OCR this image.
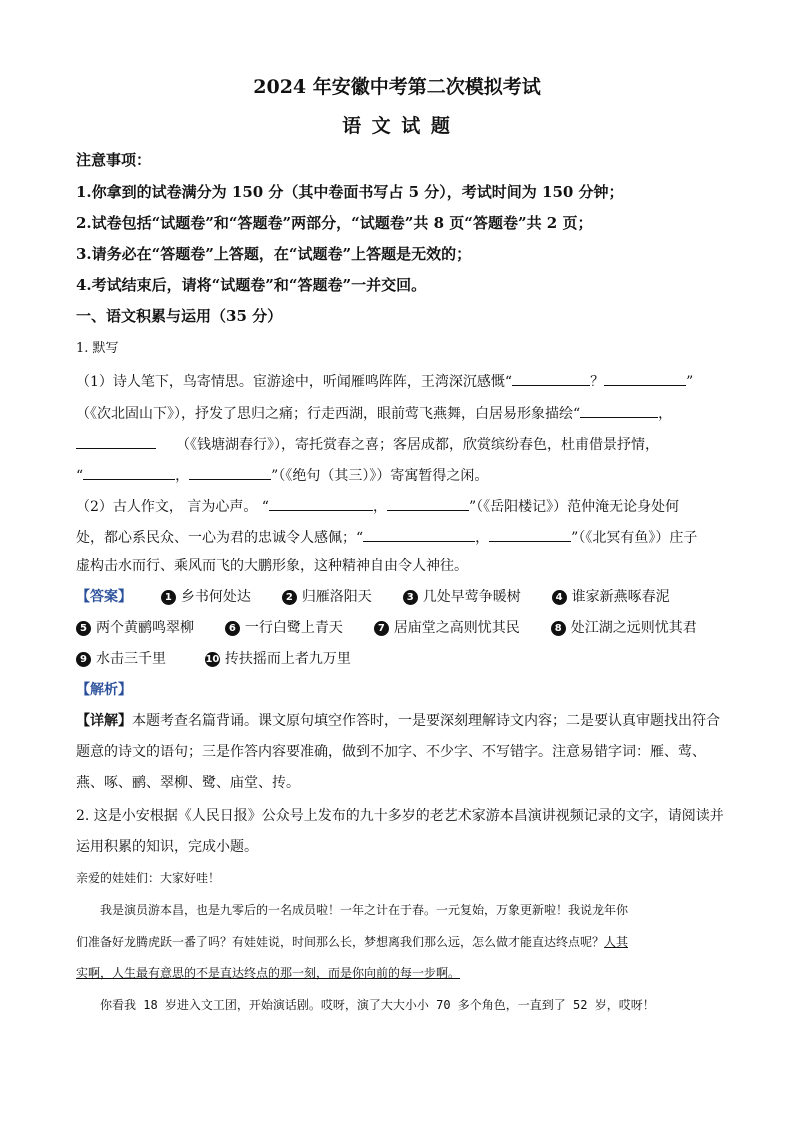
2024 年安徽中考第二次模拟考试
语 文 试 题
注意事项：
1.你拿到的试卷满分为 150 分（其中卷面书写占 5 分），考试时间为 150 分钟；
2.试卷包括“试题卷”和“答题卷”两部分，“试题卷”共 8 页“答题卷”共 2 页；
3.请务必在“答题卷”上答题，在“试题卷”上答题是无效的；
4.考试结束后，请将“试题卷”和“答题卷”一并交回。
一、语文积累与运用（35 分）
1. 默写
（1）诗人笔下，鸟寄情思。宦游途中，听闻雁鸣阵阵，王湾深沉感慨“	？	”
（《次北固山下》），抒发了思归之痛；行走西湖，眼前莺飞燕舞，白居易形象描绘“	，
（《钱塘湖春行》），寄托赏春之喜；客居成都，欣赏缤纷春色，杜甫借景抒情，
“	，	”（《绝句（其三）》）寄寓暂得之闲。
（2）古人作文， 言为心声。 “	，	”（《岳阳楼记》）范仲淹无论身处何
处，都心系民众、一心为君的忠诚令人感佩；“	，	”（《北冥有鱼》）庄子
虚构击水而行、乘风而飞的大鹏形象，这种精神自由令人神往。
【答案】	1 乡书何处达	2 归雁洛阳天	3 几处早莺争暖树	4 谁家新燕啄春泥
5 两个黄鹂鸣翠柳	6 一行白鹭上青天	7 居庙堂之高则忧其民	8 处江湖之远则忧其君
9 水击三千里	10 抟扶摇而上者九万里
【解析】
【详解】本题考查名篇背诵。课文原句填空作答时，一是要深刻理解诗文内容；二是要认真审题找出符合
题意的诗文的语句；三是作答内容要准确，做到不加字、不少字、不写错字。注意易错字词：雁、莺、
燕、啄、鹂、翠柳、鹭、庙堂、抟。
2. 这是小安根据《人民日报》公众号上发布的九十多岁的老艺术家游本昌演讲视频记录的文字，请阅读并
运用积累的知识，完成小题。
亲爱的娃娃们：大家好哇！
我是演员游本昌，也是九零后的一名成员啦！一年之计在于春。一元复始，万象更新啦！我说龙年你
们准备好龙腾虎跃一番了吗？有娃娃说，时间那么长，梦想离我们那么远，怎么做才能直达终点呢？人其
实啊，人生最有意思的不是直达终点的那一刻，而是你向前的每一步啊。
你看我 18 岁进入文工团，开始演话剧。哎呀，演了大大小小 70 多个角色，一直到了 52 岁，哎呀！
